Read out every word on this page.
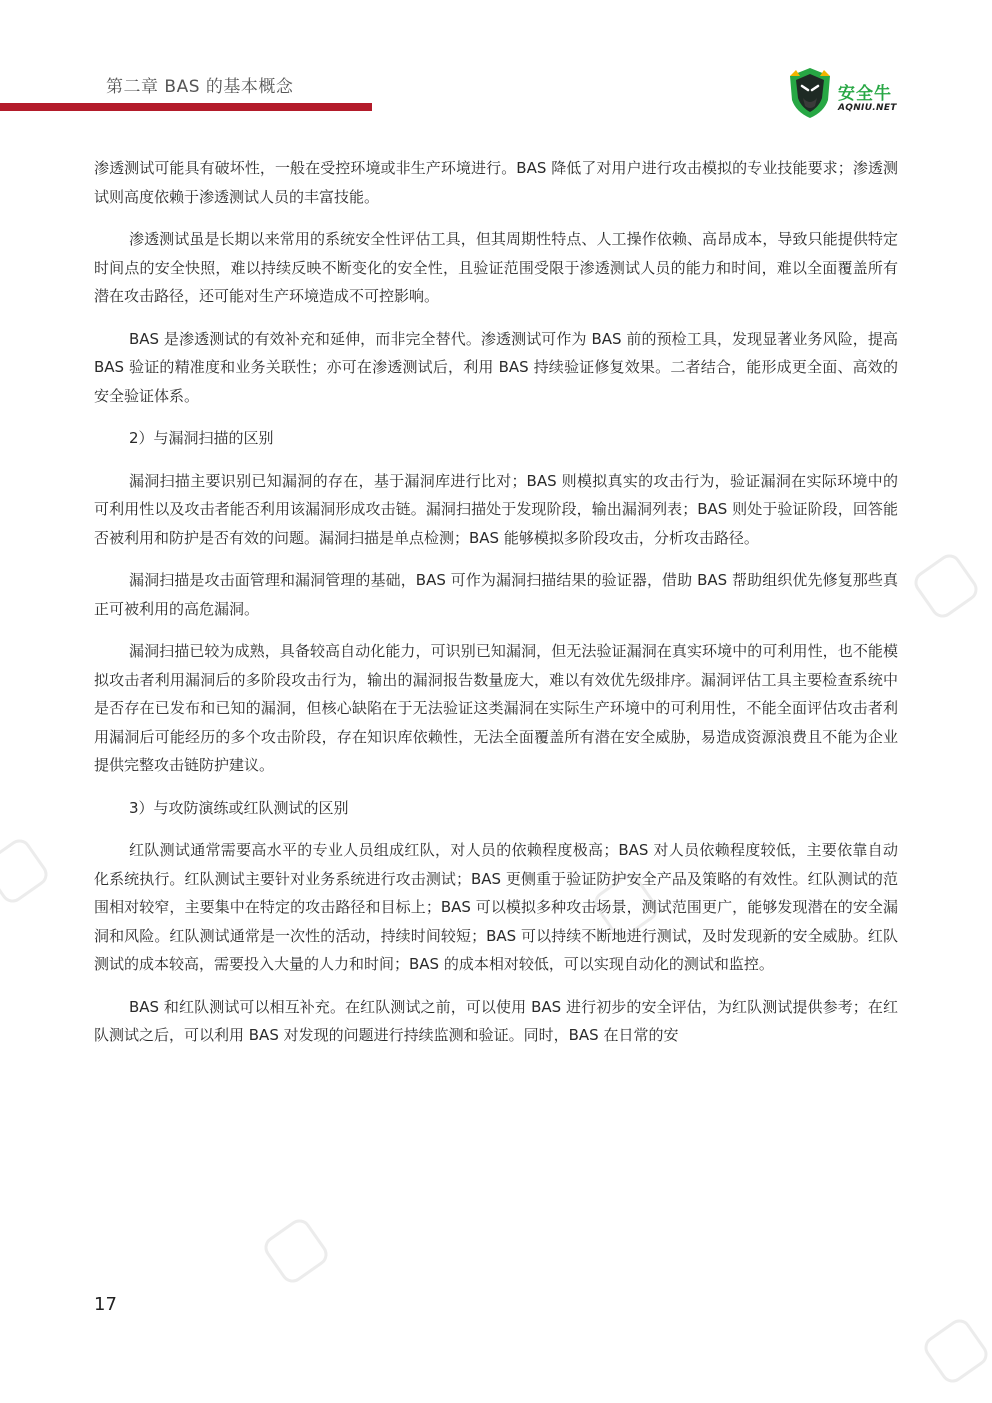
第二章 BAS 的基本概念	安全牛
AQNIU.NET

渗透测试可能具有破坏性，一般在受控环境或非生产环境进行。BAS 降低了对用户进行攻击模拟的专业技能要求；渗透测试则高度依赖于渗透测试人员的丰富技能。

渗透测试虽是长期以来常用的系统安全性评估工具，但其周期性特点、人工操作依赖、高昂成本，导致只能提供特定时间点的安全快照，难以持续反映不断变化的安全性，且验证范围受限于渗透测试人员的能力和时间，难以全面覆盖所有潜在攻击路径，还可能对生产环境造成不可控影响。

BAS 是渗透测试的有效补充和延伸，而非完全替代。渗透测试可作为 BAS 前的预检工具，发现显著业务风险，提高 BAS 验证的精准度和业务关联性；亦可在渗透测试后，利用 BAS 持续验证修复效果。二者结合，能形成更全面、高效的安全验证体系。

2）与漏洞扫描的区别

漏洞扫描主要识别已知漏洞的存在，基于漏洞库进行比对；BAS 则模拟真实的攻击行为，验证漏洞在实际环境中的可利用性以及攻击者能否利用该漏洞形成攻击链。漏洞扫描处于发现阶段，输出漏洞列表；BAS 则处于验证阶段，回答能否被利用和防护是否有效的问题。漏洞扫描是单点检测；BAS 能够模拟多阶段攻击，分析攻击路径。

漏洞扫描是攻击面管理和漏洞管理的基础，BAS 可作为漏洞扫描结果的验证器，借助 BAS 帮助组织优先修复那些真正可被利用的高危漏洞。

漏洞扫描已较为成熟，具备较高自动化能力，可识别已知漏洞，但无法验证漏洞在真实环境中的可利用性，也不能模拟攻击者利用漏洞后的多阶段攻击行为，输出的漏洞报告数量庞大，难以有效优先级排序。漏洞评估工具主要检查系统中是否存在已发布和已知的漏洞，但核心缺陷在于无法验证这类漏洞在实际生产环境中的可利用性，不能全面评估攻击者利用漏洞后可能经历的多个攻击阶段，存在知识库依赖性，无法全面覆盖所有潜在安全威胁，易造成资源浪费且不能为企业提供完整攻击链防护建议。

3）与攻防演练或红队测试的区别

红队测试通常需要高水平的专业人员组成红队，对人员的依赖程度极高；BAS 对人员依赖程度较低，主要依靠自动化系统执行。红队测试主要针对业务系统进行攻击测试；BAS 更侧重于验证防护安全产品及策略的有效性。红队测试的范围相对较窄，主要集中在特定的攻击路径和目标上；BAS 可以模拟多种攻击场景，测试范围更广，能够发现潜在的安全漏洞和风险。红队测试通常是一次性的活动，持续时间较短；BAS 可以持续不断地进行测试，及时发现新的安全威胁。红队测试的成本较高，需要投入大量的人力和时间；BAS 的成本相对较低，可以实现自动化的测试和监控。

BAS 和红队测试可以相互补充。在红队测试之前，可以使用 BAS 进行初步的安全评估，为红队测试提供参考；在红队测试之后，可以利用 BAS 对发现的问题进行持续监测和验证。同时，BAS 在日常的安

17
